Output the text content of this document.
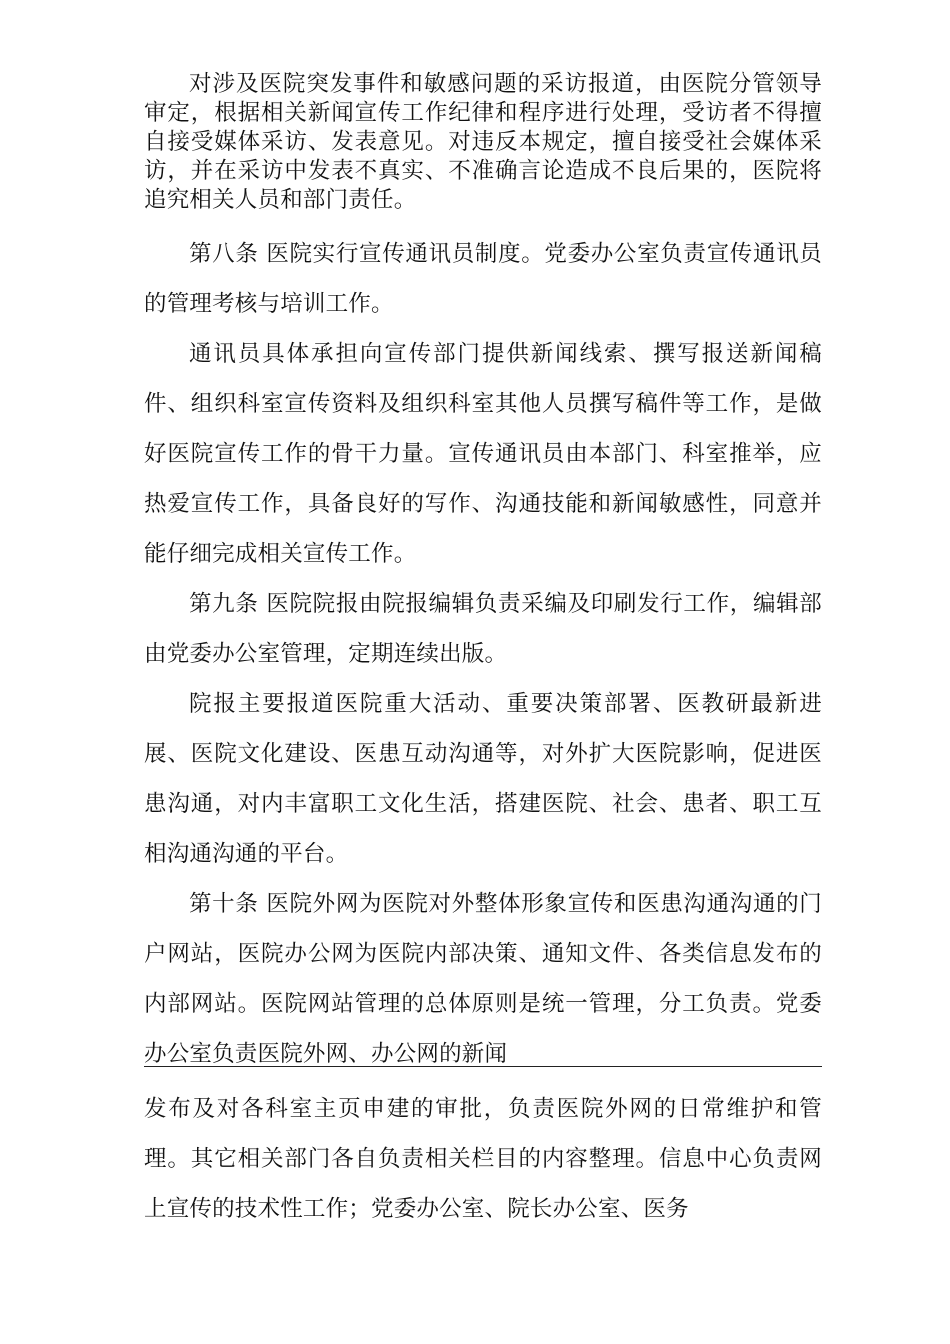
对涉及医院突发事件和敏感问题的采访报道，由医院分管领导审定，根据相关新闻宣传工作纪律和程序进行处理，受访者不得擅自接受媒体采访、发表意见。对违反本规定，擅自接受社会媒体采访，并在采访中发表不真实、不准确言论造成不良后果的，医院将追究相关人员和部门责任。

第八条 医院实行宣传通讯员制度。党委办公室负责宣传通讯员的管理考核与培训工作。

通讯员具体承担向宣传部门提供新闻线索、撰写报送新闻稿件、组织科室宣传资料及组织科室其他人员撰写稿件等工作，是做好医院宣传工作的骨干力量。宣传通讯员由本部门、科室推举，应热爱宣传工作，具备良好的写作、沟通技能和新闻敏感性，同意并能仔细完成相关宣传工作。

第九条 医院院报由院报编辑负责采编及印刷发行工作，编辑部由党委办公室管理，定期连续出版。

院报主要报道医院重大活动、重要决策部署、医教研最新进展、医院文化建设、医患互动沟通等，对外扩大医院影响，促进医患沟通，对内丰富职工文化生活，搭建医院、社会、患者、职工互相沟通沟通的平台。

第十条 医院外网为医院对外整体形象宣传和医患沟通沟通的门户网站，医院办公网为医院内部决策、通知文件、各类信息发布的内部网站。医院网站管理的总体原则是统一管理，分工负责。党委办公室负责医院外网、办公网的新闻

发布及对各科室主页申建的审批，负责医院外网的日常维护和管理。其它相关部门各自负责相关栏目的内容整理。信息中心负责网上宣传的技术性工作；党委办公室、院长办公室、医务
